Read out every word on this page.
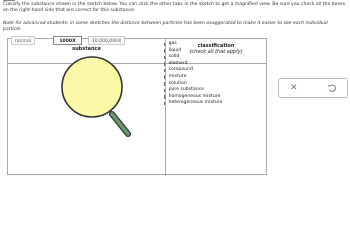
Classify the substance shown in the sketch below. You can click the other tabs in the sketch to get a magnified view. Be sure you check all the boxes on the right-hand side that are correct for this substance.
Note for advanced students: in some sketches the distance between particles has been exaggerated to make it easier to see each individual particle.
substance	classification
(check all that apply)
normal	1000X	10,000,000X	gas
liquid
solid
element
compound
mixture
solution
pure substance
homogeneous mixture
heterogeneous mixture
✕
